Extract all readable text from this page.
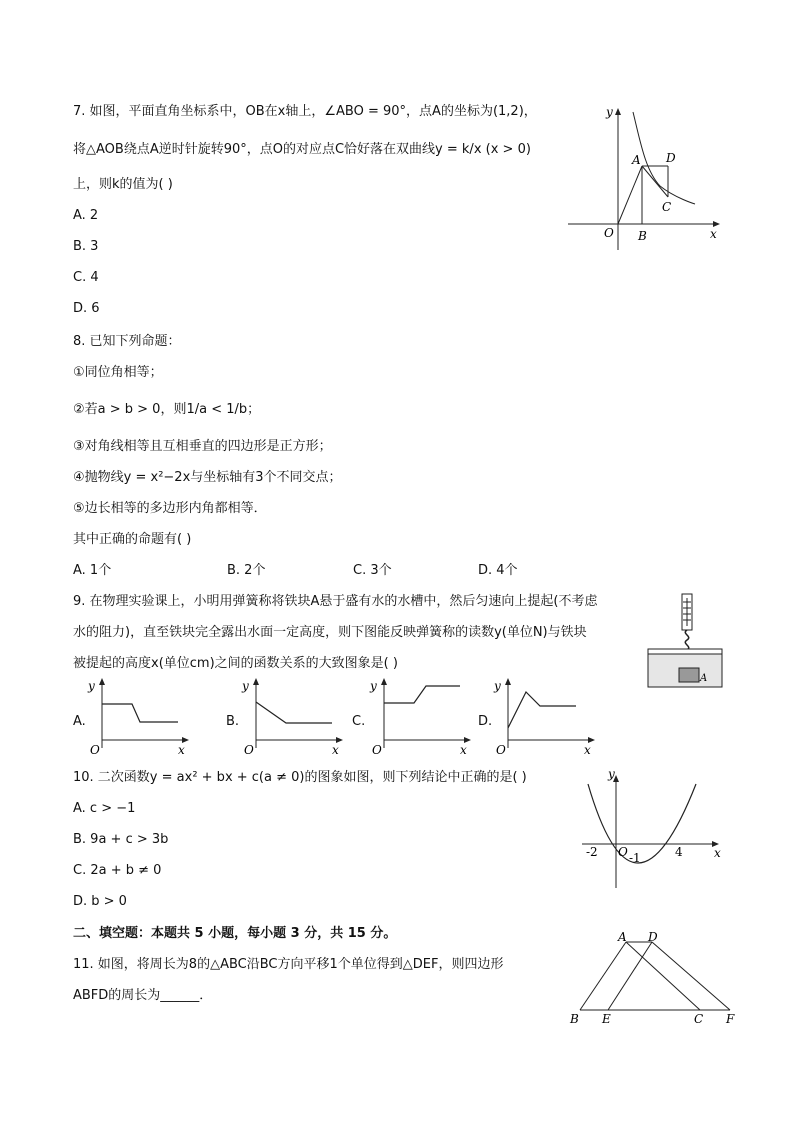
7. 如图，平面直角坐标系中，OB在x轴上，∠ABO = 90°，点A的坐标为(1,2)，
将△AOB绕点A逆时针旋转90°，点O的对应点C恰好落在双曲线y = k/x (x > 0)
上，则k的值为( )
A. 2
B. 3
C. 4
D. 6
y
x
O B
A
C
D
8. 已知下列命题：
①同位角相等；
②若a > b > 0，则1/a < 1/b；
③对角线相等且互相垂直的四边形是正方形；
④抛物线y = x²−2x与坐标轴有3个不同交点；
⑤边长相等的多边形内角都相等．
其中正确的命题有( )
A. 1个	B. 2个	C. 3个	D. 4个
9. 在物理实验课上，小明用弹簧称将铁块A悬于盛有水的水槽中，然后匀速向上提起(不考虑
水的阻力)，直至铁块完全露出水面一定高度，则下图能反映弹簧称的读数y(单位N)与铁块
被提起的高度x(单位cm)之间的函数关系的大致图象是( )
A
A.
y
O	x
B.
y
O	x
C.
y
O	x
D.
y
O	x
10. 二次函数y = ax² + bx + c(a ≠ 0)的图象如图，则下列结论中正确的是( )
A. c > −1
B. 9a + c > 3b
C. 2a + b ≠ 0
D. b > 0
y
x
O
-2	4
-1
二、填空题：本题共 5 小题，每小题 3 分，共 15 分。
11. 如图，将周长为8的△ABC沿BC方向平移1个单位得到△DEF，则四边形
ABFD的周长为______．
A D
B E	C F
